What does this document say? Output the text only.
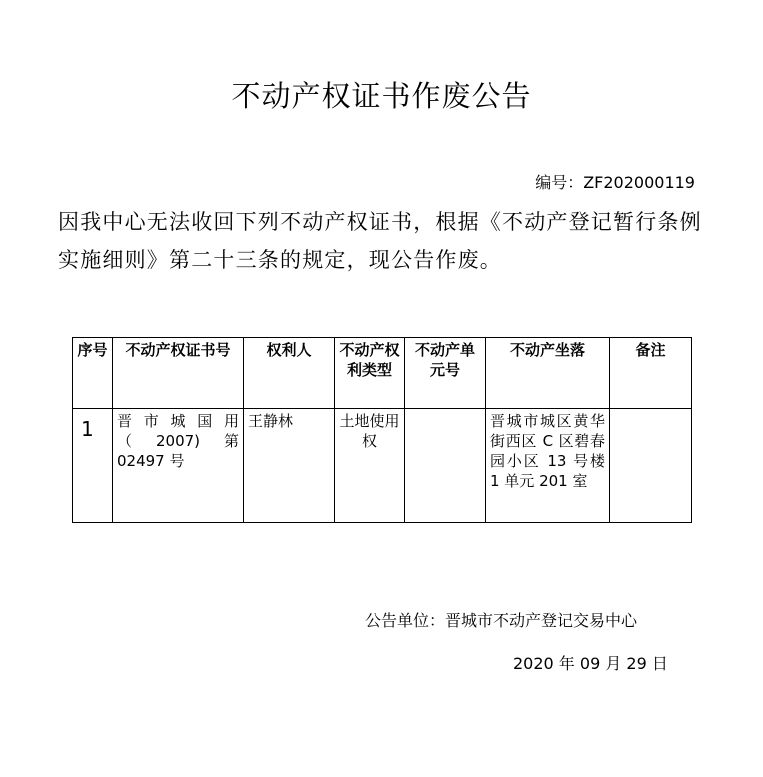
不动产权证书作废公告
编号：ZF202000119
因我中心无法收回下列不动产权证书，根据《不动产登记暂行条例实施细则》第二十三条的规定，现公告作废。
序号	不动产权证书号	权利人	不动产权利类型	不动产单元号	不动产坐落	备注
1	晋市城国用（2007)第 02497 号	王静林	土地使用权		晋城市城区黄华街西区 C 区碧春园小区 13 号楼 1 单元 201 室	
公告单位：晋城市不动产登记交易中心
2020 年 09 月 29 日
